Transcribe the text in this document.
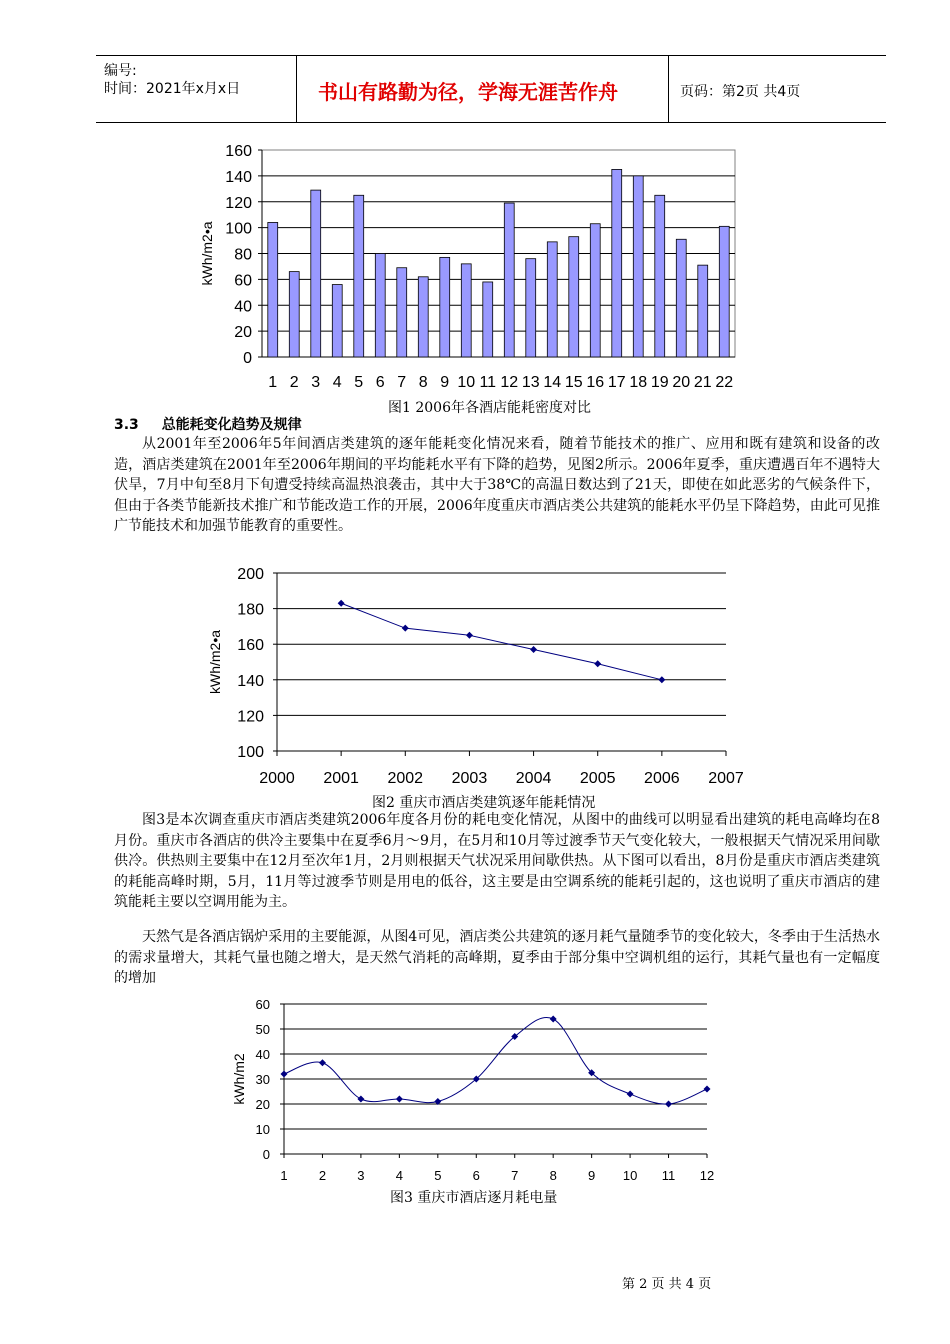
编号:
时间：2021年x月x日	书山有路勤为径，学海无涯苦作舟	页码：第2页 共4页
0
20
40
60
80
100
120
140
160
1 2 3 4 5 6 7 8 9 10 11 12 13 14 15 16 17 18 19 20 21 22
kWh/m2•a
图1 2006年各酒店能耗密度对比
3.3 总能耗变化趋势及规律

从2001年至2006年5年间酒店类建筑的逐年能耗变化情况来看，随着节能技术的推广、应用和既有建筑和设备的改造，酒店类建筑在2001年至2006年期间的平均能耗水平有下降的趋势，见图2所示。2006年夏季，重庆遭遇百年不遇特大伏旱，7月中旬至8月下旬遭受持续高温热浪袭击，其中大于38℃的高温日数达到了21天，即使在如此恶劣的气候条件下，但由于各类节能新技术推广和节能改造工作的开展，2006年度重庆市酒店类公共建筑的能耗水平仍呈下降趋势，由此可见推广节能技术和加强节能教育的重要性。

100
120
140
160
180
200
2000 2001 2002 2003 2004 2005 2006 2007
kWh/m2•a
图2 重庆市酒店类建筑逐年能耗情况

图3是本次调查重庆市酒店类建筑2006年度各月份的耗电变化情况，从图中的曲线可以明显看出建筑的耗电高峰均在8月份。重庆市各酒店的供冷主要集中在夏季6月～9月，在5月和10月等过渡季节天气变化较大，一般根据天气情况采用间歇供冷。供热则主要集中在12月至次年1月，2月则根据天气状况采用间歇供热。从下图可以看出，8月份是重庆市酒店类建筑的耗能高峰时期，5月，11月等过渡季节则是用电的低谷，这主要是由空调系统的能耗引起的，这也说明了重庆市酒店的建筑能耗主要以空调用能为主。

天然气是各酒店锅炉采用的主要能源，从图4可见，酒店类公共建筑的逐月耗气量随季节的变化较大，冬季由于生活热水的需求量增大，其耗气量也随之增大，是天然气消耗的高峰期，夏季由于部分集中空调机组的运行，其耗气量也有一定幅度的增加

0
10
20
30
40
50
60
1 2 3 4 5 6 7 8 9 10 11 12
kWh/m2
图3 重庆市酒店逐月耗电量
第 2 页 共 4 页
